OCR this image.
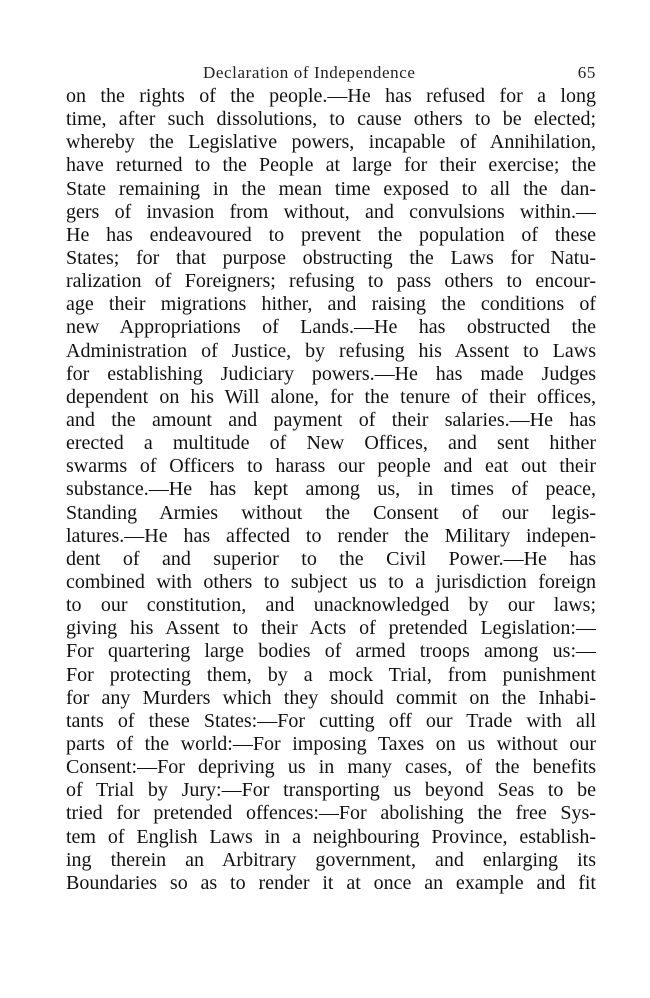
Declaration of Independence	65
on the rights of the people.—He has refused for a long
time, after such dissolutions, to cause others to be elected;
whereby the Legislative powers, incapable of Annihilation,
have returned to the People at large for their exercise; the
State remaining in the mean time exposed to all the dan-
gers of invasion from without, and convulsions within.—
He has endeavoured to prevent the population of these
States; for that purpose obstructing the Laws for Natu-
ralization of Foreigners; refusing to pass others to encour-
age their migrations hither, and raising the conditions of
new Appropriations of Lands.—He has obstructed the
Administration of Justice, by refusing his Assent to Laws
for establishing Judiciary powers.—He has made Judges
dependent on his Will alone, for the tenure of their offices,
and the amount and payment of their salaries.—He has
erected a multitude of New Offices, and sent hither
swarms of Officers to harass our people and eat out their
substance.—He has kept among us, in times of peace,
Standing Armies without the Consent of our legis-
latures.—He has affected to render the Military indepen-
dent of and superior to the Civil Power.—He has
combined with others to subject us to a jurisdiction foreign
to our constitution, and unacknowledged by our laws;
giving his Assent to their Acts of pretended Legislation:—
For quartering large bodies of armed troops among us:—
For protecting them, by a mock Trial, from punishment
for any Murders which they should commit on the Inhabi-
tants of these States:—For cutting off our Trade with all
parts of the world:—For imposing Taxes on us without our
Consent:—For depriving us in many cases, of the benefits
of Trial by Jury:—For transporting us beyond Seas to be
tried for pretended offences:—For abolishing the free Sys-
tem of English Laws in a neighbouring Province, establish-
ing therein an Arbitrary government, and enlarging its
Boundaries so as to render it at once an example and fit
